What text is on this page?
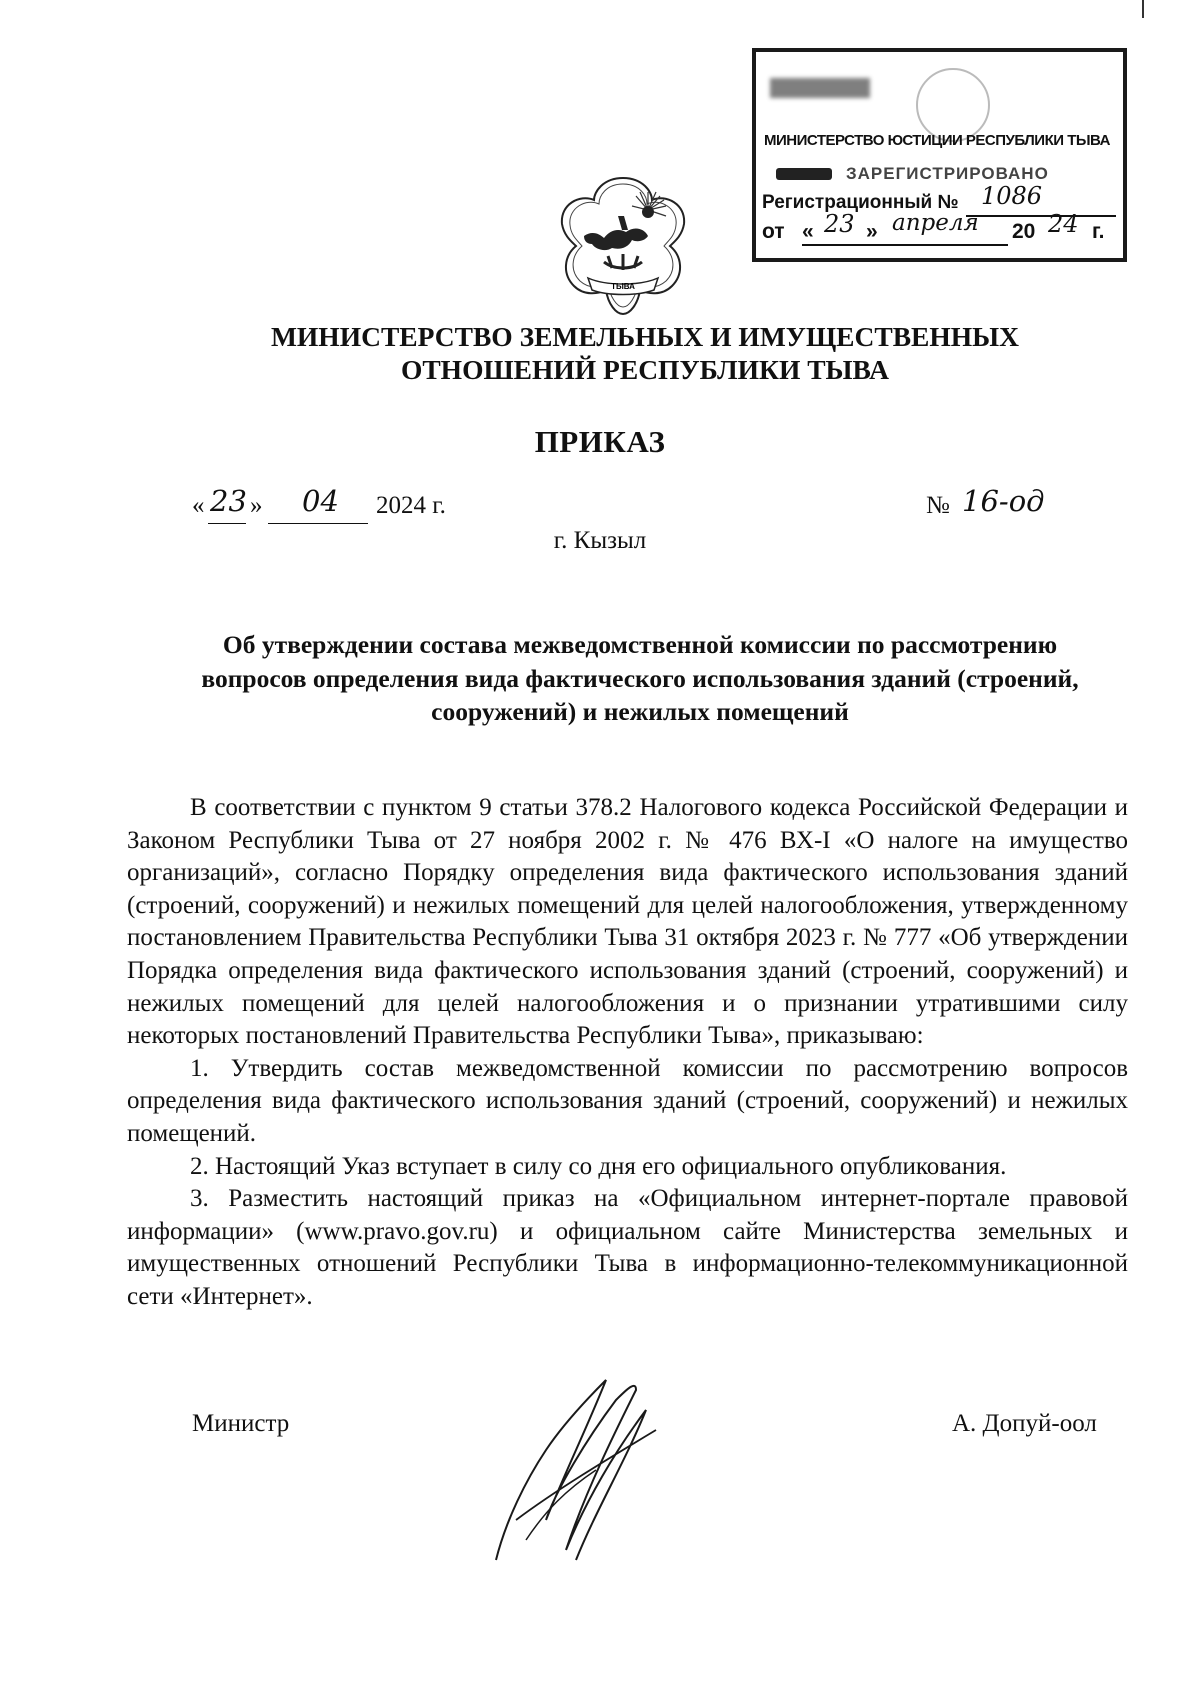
МИНИСТЕРСТВО ЮСТИЦИИ РЕСПУБЛИКИ ТЫВА
ЗАРЕГИСТРИРОВАНО
Регистрационный № 1086
от « 23 » апреля 20 24 г.
ТЫВА
МИНИСТЕРСТВО ЗЕМЕЛЬНЫХ И ИМУЩЕСТВЕННЫХ
ОТНОШЕНИЙ РЕСПУБЛИКИ ТЫВА
ПРИКАЗ
« 23 » 04 2024 г.	№ 16-од
г. Кызыл
Об утверждении состава межведомственной комиссии по рассмотрению
вопросов определения вида фактического использования зданий (строений,
сооружений) и нежилых помещений

В соответствии с пунктом 9 статьи 378.2 Налогового кодекса Российской Федерации и Законом Республики Тыва от 27 ноября 2002 г. № 476 ВХ-I «О налоге на имущество организаций», согласно Порядку определения вида фактического использования зданий (строений, сооружений) и нежилых помещений для целей налогообложения, утвержденному постановлением Правительства Республики Тыва 31 октября 2023 г. № 777 «Об утверждении Порядка определения вида фактического использования зданий (строений, сооружений) и нежилых помещений для целей налогообложения и о признании утратившими силу некоторых постановлений Правительства Республики Тыва», приказываю:

1. Утвердить состав межведомственной комиссии по рассмотрению вопросов определения вида фактического использования зданий (строений, сооружений) и нежилых помещений.

2. Настоящий Указ вступает в силу со дня его официального опубликования.

3. Разместить настоящий приказ на «Официальном интернет-портале правовой информации» (www.pravo.gov.ru) и официальном сайте Министерства земельных и имущественных отношений Республики Тыва в информационно-телекоммуникационной сети «Интернет».

Министр	А. Допуй-оол
